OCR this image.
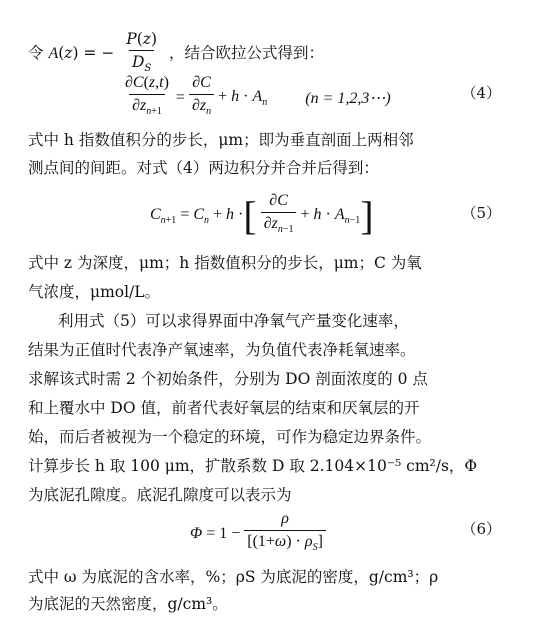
令 A(z) = − $\frac{P(z)}{D_S}$ ，结合欧拉公式得到：
$\frac{\partial C(z,t)}{\partial z_{n+1}} = \frac{\partial C}{\partial z_n} + h \cdot A_n$ (n = 1,2,3⋯)	（4）
式中 h 指数值积分的步长，μm；即为垂直剖面上两相邻
测点间的间距。对式（4）两边积分并合并后得到：
$C_{n+1} = C_n + h$ · [ $\frac{\partial C}{\partial z_{n-1}} + h \cdot A_{n-1}$ ]	（5）
式中 z 为深度，μm；h 指数值积分的步长，μm；C 为氧
气浓度，μmol/L。
利用式（5）可以求得界面中净氧气产量变化速率，
结果为正值时代表净产氧速率，为负值代表净耗氧速率。
求解该式时需 2 个初始条件，分别为 DO 剖面浓度的 0 点
和上覆水中 DO 值，前者代表好氧层的结束和厌氧层的开
始，而后者被视为一个稳定的环境，可作为稳定边界条件。
计算步长 h 取 100 μm，扩散系数 D 取 2.104×10⁻⁵ cm²/s，Φ
为底泥孔隙度。底泥孔隙度可以表示为
$\Phi = 1 - \frac{\rho}{[(1+\omega) \cdot \rho_S]}$	（6）
式中 ω 为底泥的含水率，%；ρS 为底泥的密度，g/cm³；ρ
为底泥的天然密度，g/cm³。
